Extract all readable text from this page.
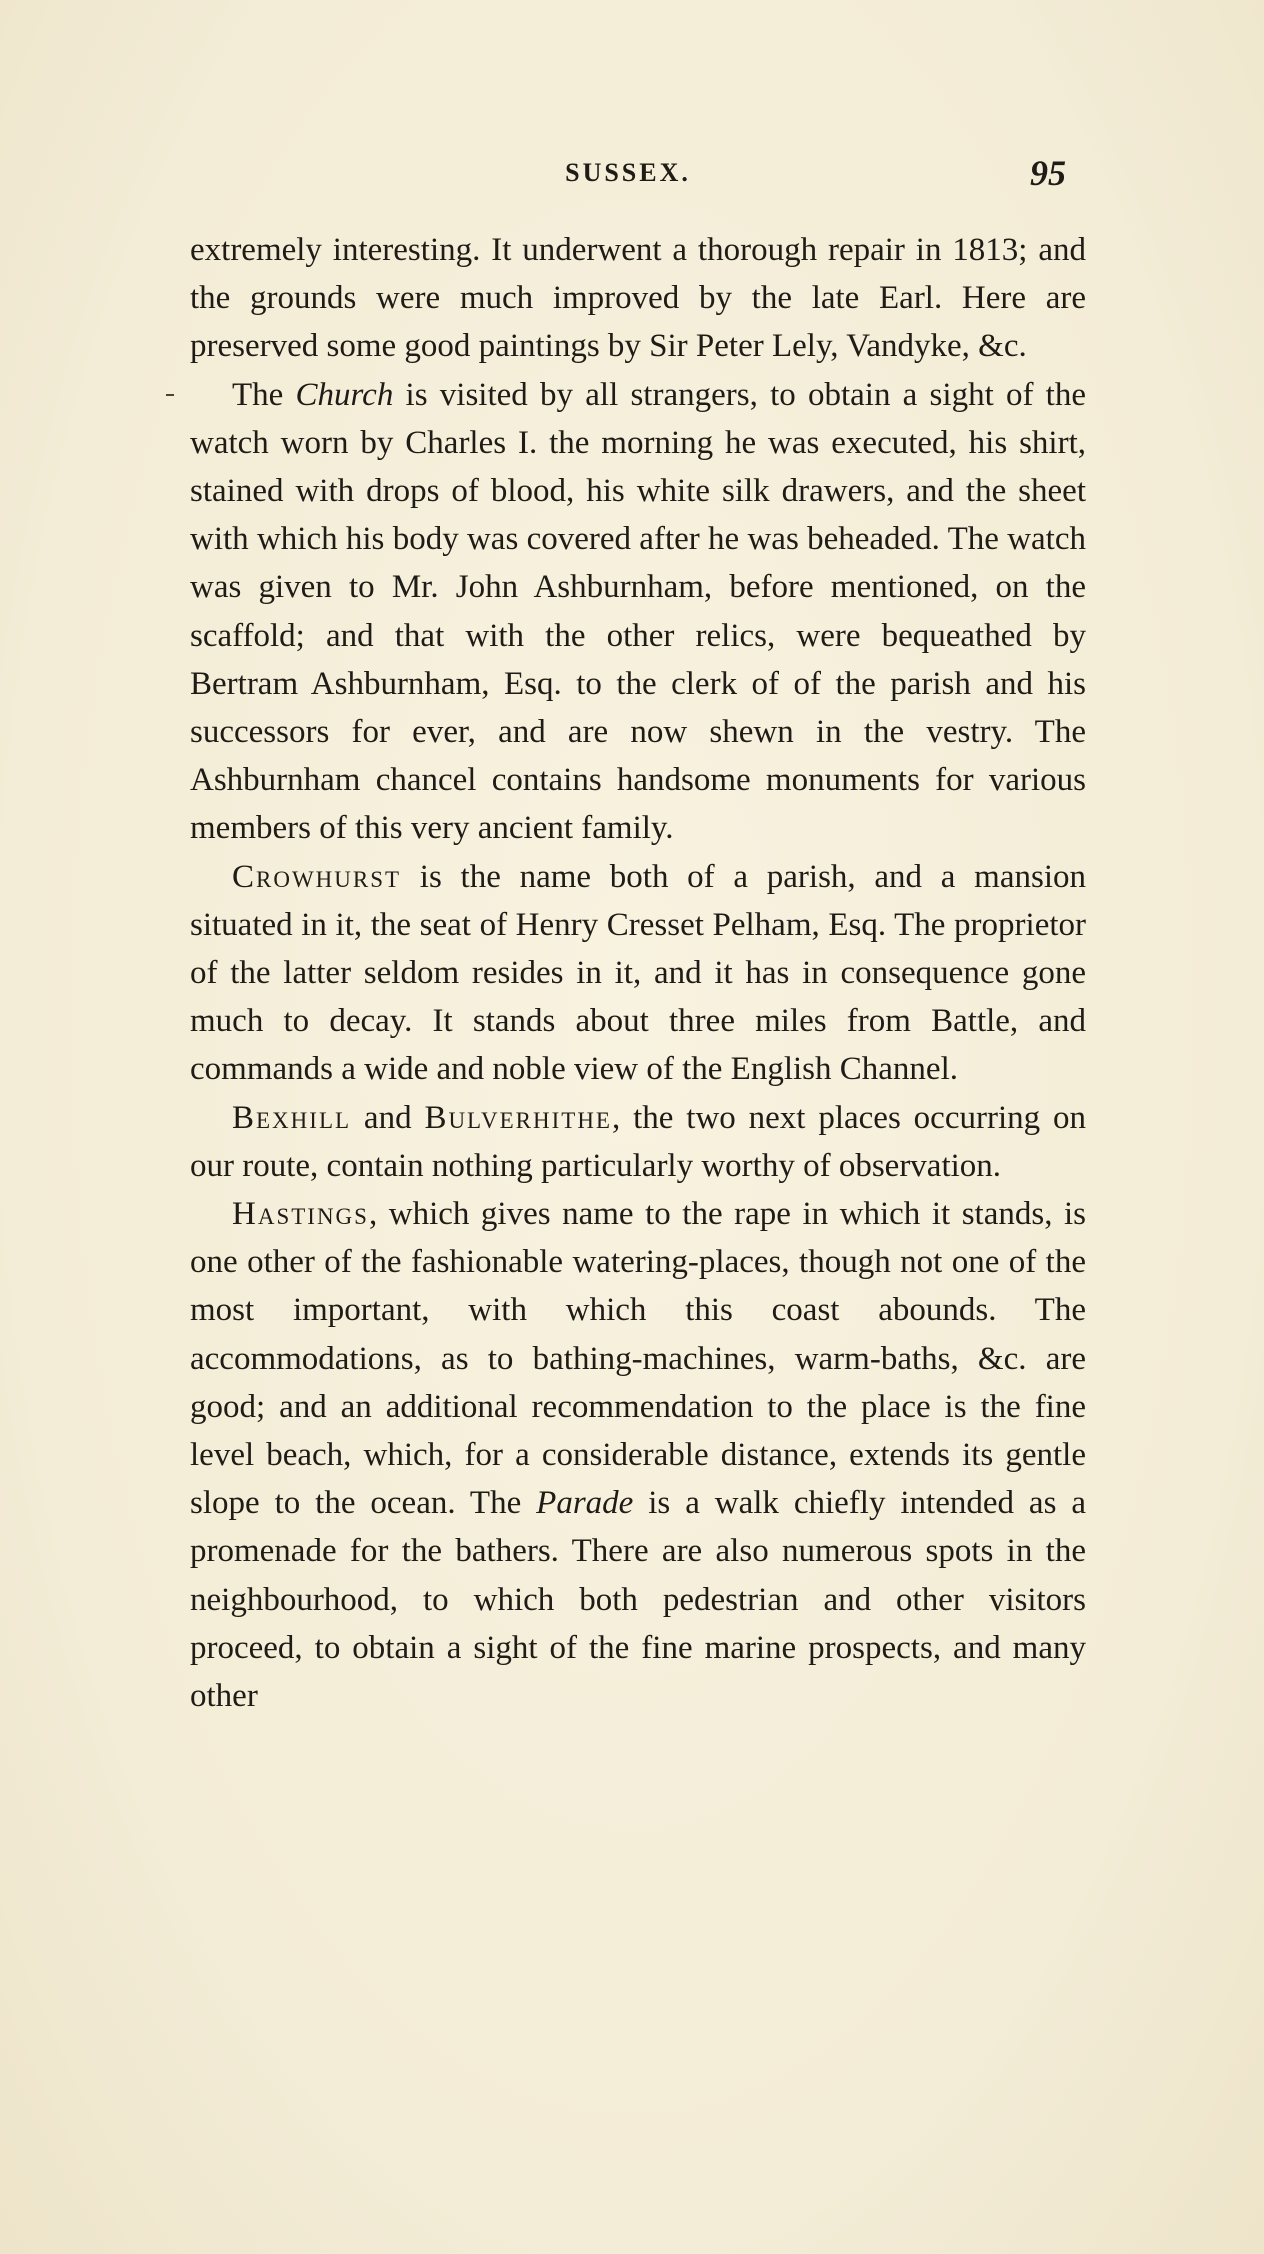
SUSSEX.	95

extremely interesting. It underwent a thorough repair in 1813; and the grounds were much improved by the late Earl. Here are preserved some good paintings by Sir Peter Lely, Vandyke, &c.

The Church is visited by all strangers, to obtain a sight of the watch worn by Charles I. the morning he was executed, his shirt, stained with drops of blood, his white silk drawers, and the sheet with which his body was covered after he was beheaded. The watch was given to Mr. John Ashburnham, before mentioned, on the scaffold; and that with the other relics, were bequeathed by Bertram Ashburnham, Esq. to the clerk of of the parish and his successors for ever, and are now shewn in the vestry. The Ashburnham chancel contains handsome monuments for various members of this very ancient family.

Crowhurst is the name both of a parish, and a mansion situated in it, the seat of Henry Cresset Pelham, Esq. The proprietor of the latter seldom resides in it, and it has in consequence gone much to decay. It stands about three miles from Battle, and commands a wide and noble view of the English Channel.

Bexhill and Bulverhithe, the two next places occurring on our route, contain nothing particularly worthy of observation.

Hastings, which gives name to the rape in which it stands, is one other of the fashionable watering-places, though not one of the most important, with which this coast abounds. The accommodations, as to bathing-machines, warm-baths, &c. are good; and an additional recommendation to the place is the fine level beach, which, for a considerable distance, extends its gentle slope to the ocean. The Parade is a walk chiefly intended as a promenade for the bathers. There are also numerous spots in the neighbourhood, to which both pedestrian and other visitors proceed, to obtain a sight of the fine marine prospects, and many other
